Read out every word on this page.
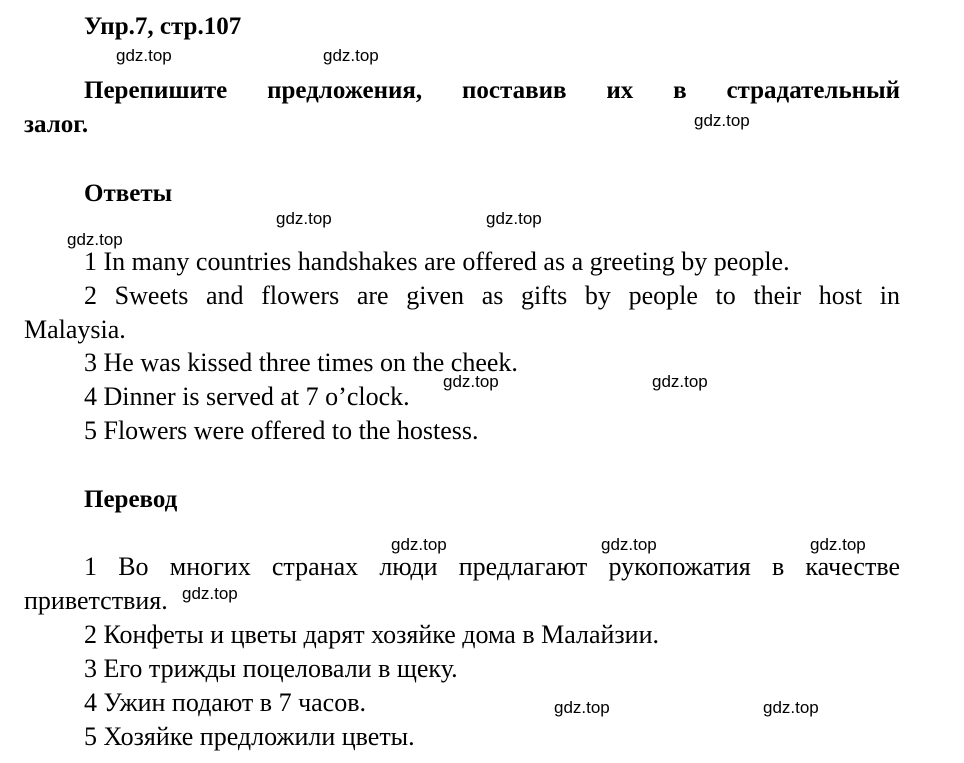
Упр.7, стр.107
Перепишите предложения, поставив их в страдательный
залог.
Ответы
1 In many countries handshakes are offered as a greeting by people.
2 Sweets and flowers are given as gifts by people to their host in
Malaysia.
3 He was kissed three times on the cheek.
4 Dinner is served at 7 o’clock.
5 Flowers were offered to the hostess.
Перевод
1 Во многих странах люди предлагают рукопожатия в качестве
приветствия.
2 Конфеты и цветы дарят хозяйке дома в Малайзии.
3 Его трижды поцеловали в щеку.
4 Ужин подают в 7 часов.
5 Хозяйке предложили цветы.
gdz.top	gdz.top
gdz.top
gdz.top	gdz.top
gdz.top
gdz.top	gdz.top
gdz.top	gdz.top	gdz.top
gdz.top
gdz.top	gdz.top
